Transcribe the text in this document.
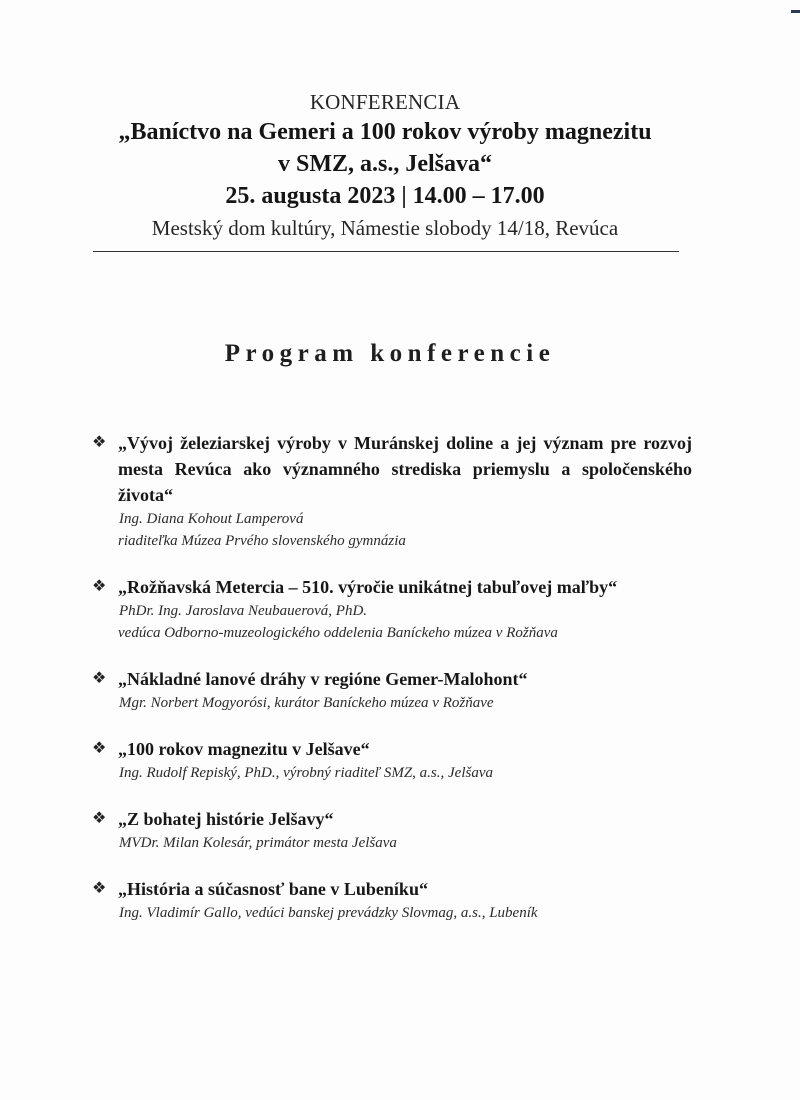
KONFERENCIA
„Baníctvo na Gemeri a 100 rokov výroby magnezitu
v SMZ, a.s., Jelšava“
25. augusta 2023 | 14.00 – 17.00
Mestský dom kultúry, Námestie slobody 14/18, Revúca
Program konferencie
❖ „Vývoj železiarskej výroby v Muránskej doline a jej význam pre rozvoj mesta Revúca ako významného strediska priemyslu a spoločenského života“
Ing. Diana Kohout Lamperová
riaditeľka Múzea Prvého slovenského gymnázia
❖ „Rožňavská Metercia – 510. výročie unikátnej tabuľovej maľby“
PhDr. Ing. Jaroslava Neubauerová, PhD.
vedúca Odborno-muzeologického oddelenia Baníckeho múzea v Rožňava
❖ „Nákladné lanové dráhy v regióne Gemer-Malohont“
Mgr. Norbert Mogyorósi, kurátor Baníckeho múzea v Rožňave
❖ „100 rokov magnezitu v Jelšave“
Ing. Rudolf Repiský, PhD., výrobný riaditeľ SMZ, a.s., Jelšava
❖ „Z bohatej histórie Jelšavy“
MVDr. Milan Kolesár, primátor mesta Jelšava
❖ „História a súčasnosť bane v Lubeníku“
Ing. Vladimír Gallo, vedúci banskej prevádzky Slovmag, a.s., Lubeník
